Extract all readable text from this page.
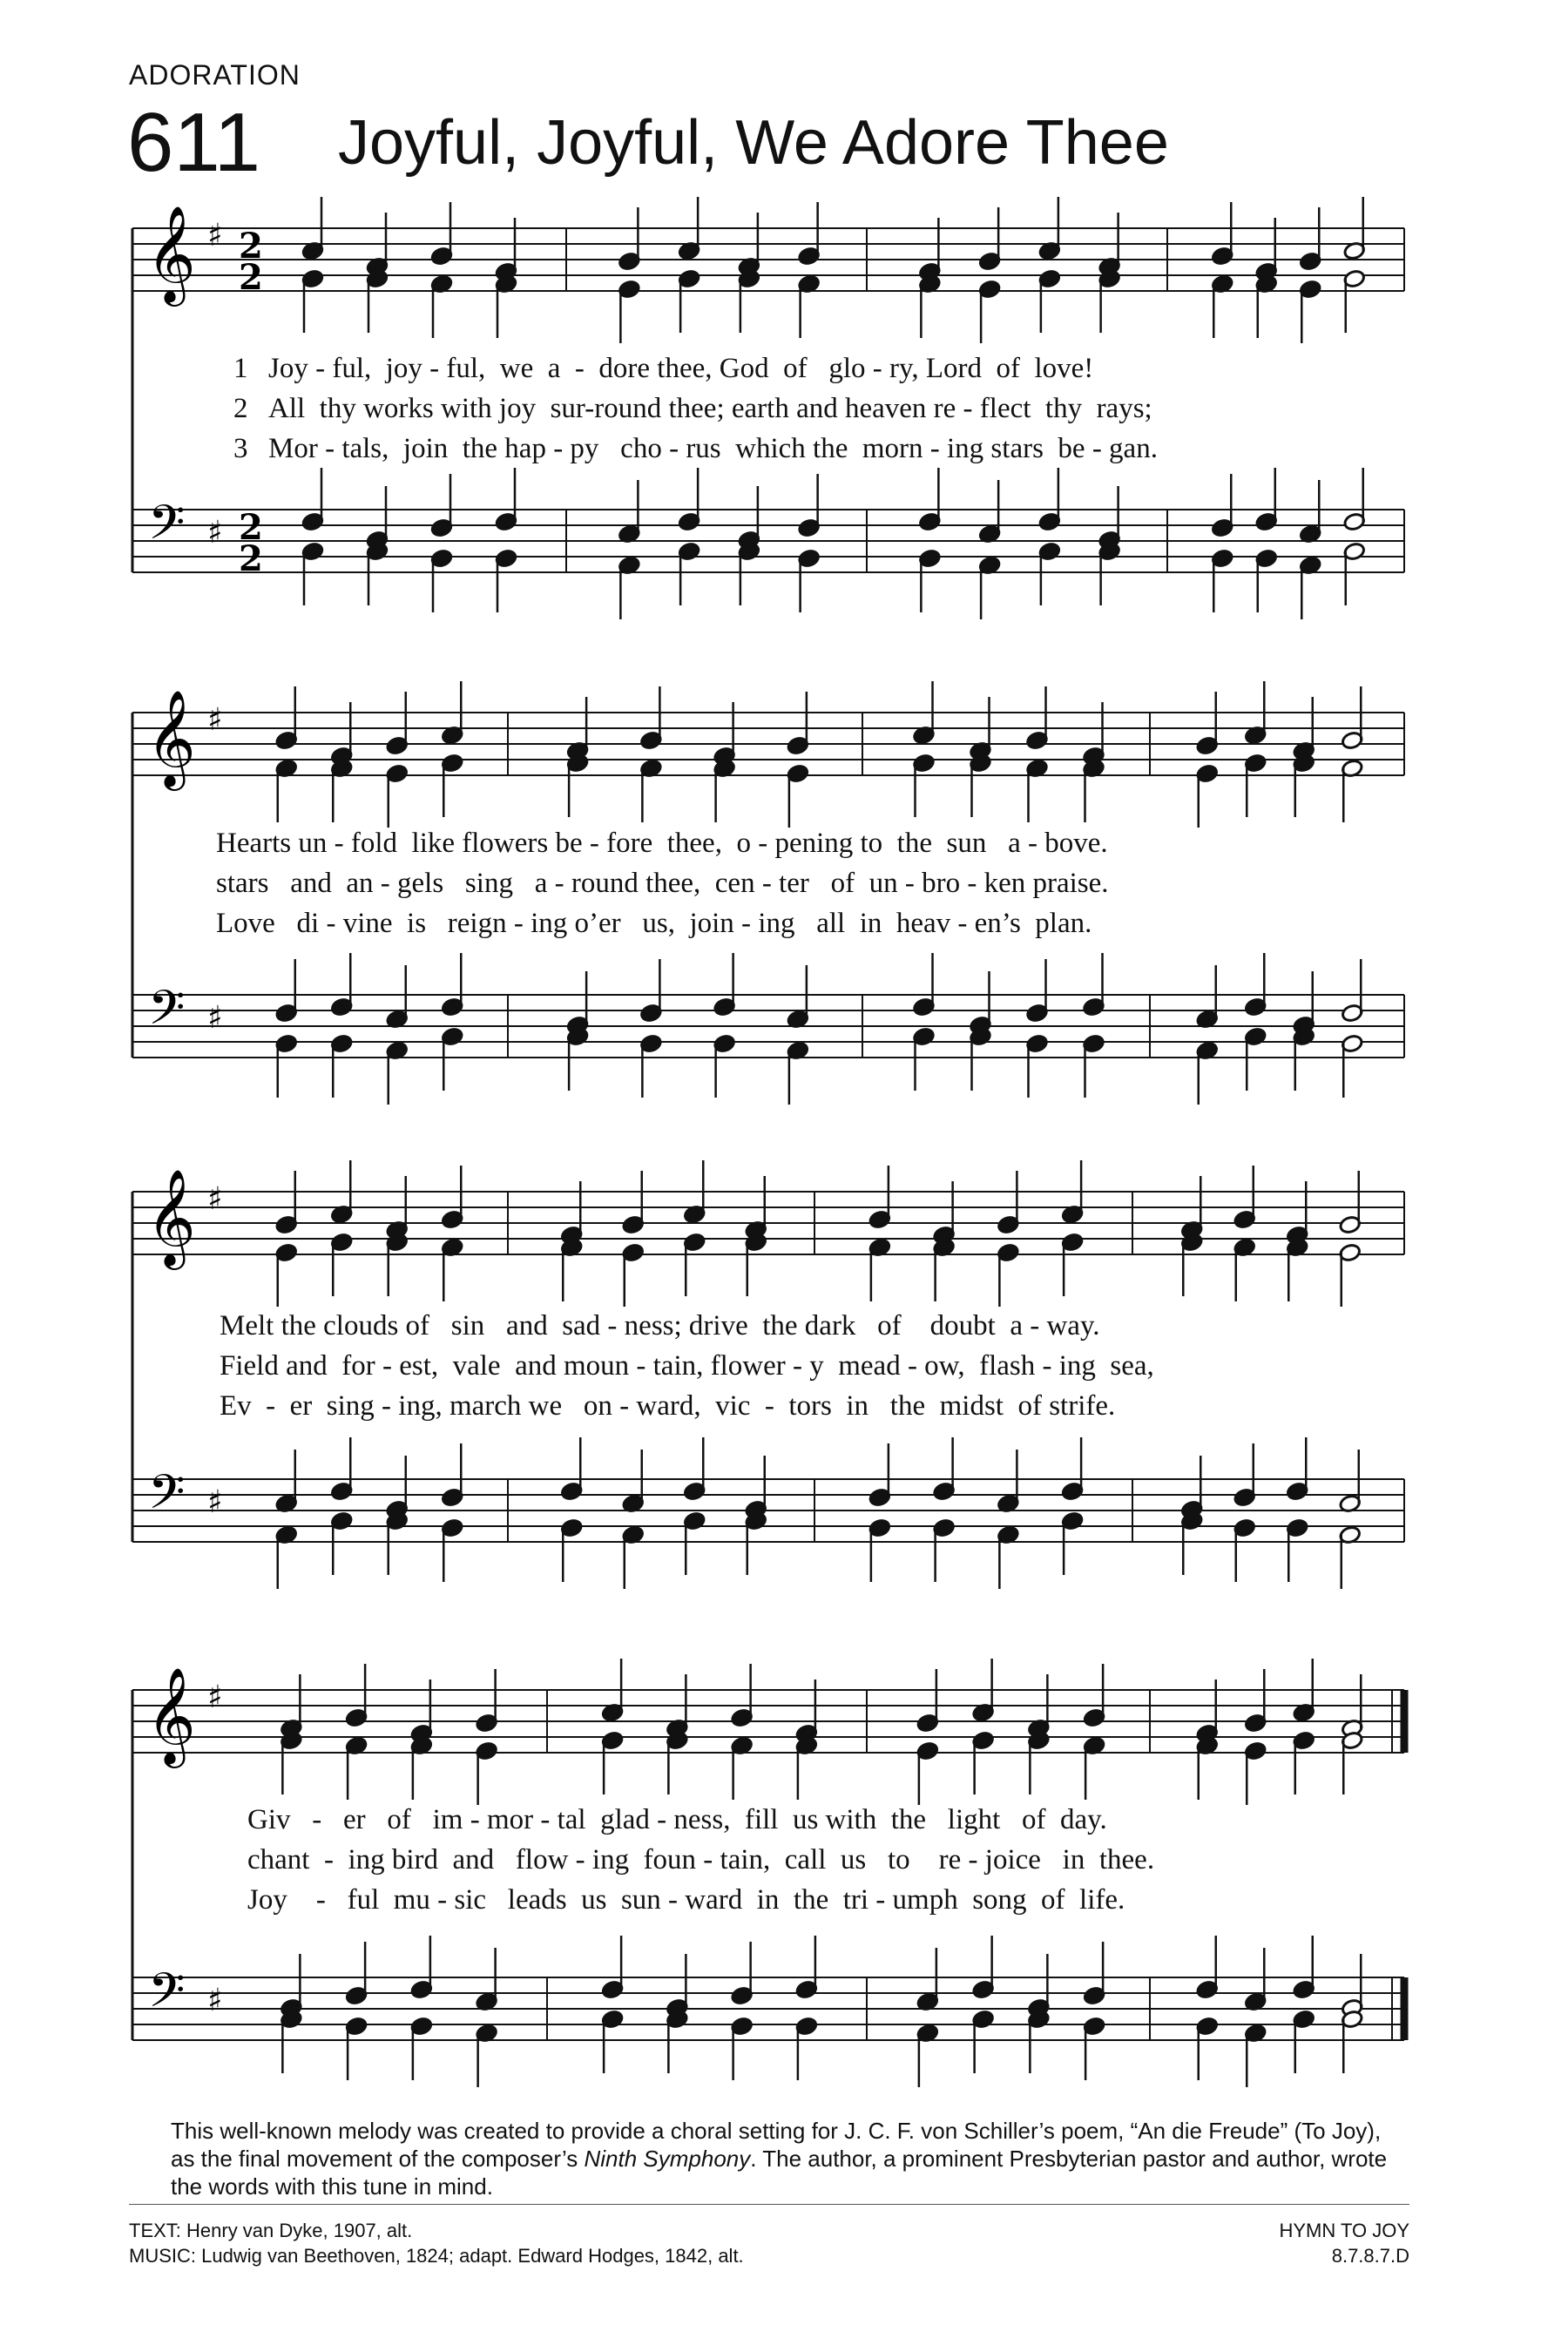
ADORATION
611 Joyful, Joyful, We Adore Thee
𝄞
𝄢
♯
♯
2
2
2
2
𝄞
𝄢
♯
♯
𝄞
𝄢
♯
♯
𝄞
𝄢
♯
♯
1 Joy - ful,  joy - ful,  we  a  -  dore thee, God  of   glo - ry, Lord  of  love!
2 All  thy works with joy  sur-round thee; earth and heaven re - flect  thy  rays;
3 Mor - tals,  join  the hap - py   cho - rus  which the  morn - ing stars  be - gan.
Hearts un - fold  like flowers be - fore  thee,  o - pening to  the  sun   a - bove.
stars   and  an - gels   sing   a - round thee,  cen - ter   of  un - bro - ken praise.
Love   di - vine  is   reign - ing o’er   us,  join - ing   all  in  heav - en’s  plan.
Melt the clouds of   sin   and  sad - ness; drive  the dark   of    doubt  a - way.
Field and  for - est,  vale  and moun - tain, flower - y  mead - ow,  flash - ing  sea,
Ev  -  er  sing - ing, march we   on - ward,  vic  -  tors  in   the  midst  of strife.
Giv   -   er   of   im - mor - tal  glad - ness,  fill  us with  the   light   of  day.
chant  -  ing bird  and   flow - ing  foun - tain,  call  us   to    re - joice   in  thee.
Joy    -   ful  mu - sic   leads  us  sun - ward  in  the  tri - umph  song  of  life.
This well-known melody was created to provide a choral setting for J. C. F. von Schiller’s poem, “An die Freude” (To Joy), as the final movement of the composer’s Ninth Symphony. The author, a prominent Presbyterian pastor and author, wrote the words with this tune in mind.
TEXT: Henry van Dyke, 1907, alt.
MUSIC: Ludwig van Beethoven, 1824; adapt. Edward Hodges, 1842, alt.
HYMN TO JOY
8.7.8.7.D
